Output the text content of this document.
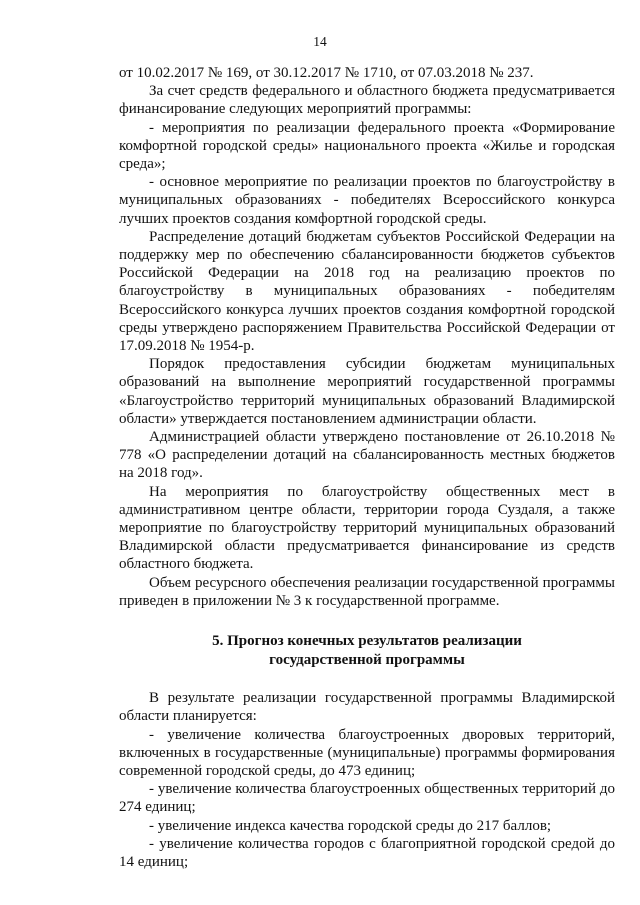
14

от 10.02.2017 № 169, от 30.12.2017 № 1710, от 07.03.2018 № 237.

За счет средств федерального и областного бюджета предусматривается финансирование следующих мероприятий программы:

- мероприятия по реализации федерального проекта «Формирование комфортной городской среды» национального проекта «Жилье и городская среда»;

- основное мероприятие по реализации проектов по благоустройству в муниципальных образованиях - победителях Всероссийского конкурса лучших проектов создания комфортной городской среды.

Распределение дотаций бюджетам субъектов Российской Федерации на поддержку мер по обеспечению сбалансированности бюджетов субъектов Российской Федерации на 2018 год на реализацию проектов по благоустройству в муниципальных образованиях - победителям Всероссийского конкурса лучших проектов создания комфортной городской среды утверждено распоряжением Правительства Российской Федерации от 17.09.2018 № 1954-р.

Порядок предоставления субсидии бюджетам муниципальных образований на выполнение мероприятий государственной программы «Благоустройство территорий муниципальных образований Владимирской области» утверждается постановлением администрации области.

Администрацией области утверждено постановление от 26.10.2018 № 778 «О распределении дотаций на сбалансированность местных бюджетов на 2018 год».

На мероприятия по благоустройству общественных мест в административном центре области, территории города Суздаля, а также мероприятие по благоустройству территорий муниципальных образований Владимирской области предусматривается финансирование из средств областного бюджета.

Объем ресурсного обеспечения реализации государственной программы приведен в приложении № 3 к государственной программе.

5. Прогноз конечных результатов реализации
государственной программы

В результате реализации государственной программы Владимирской области планируется:

- увеличение количества благоустроенных дворовых территорий, включенных в государственные (муниципальные) программы формирования современной городской среды, до 473 единиц;

- увеличение количества благоустроенных общественных территорий до 274 единиц;

- увеличение индекса качества городской среды до 217 баллов;

- увеличение количества городов с благоприятной городской средой до 14 единиц;
